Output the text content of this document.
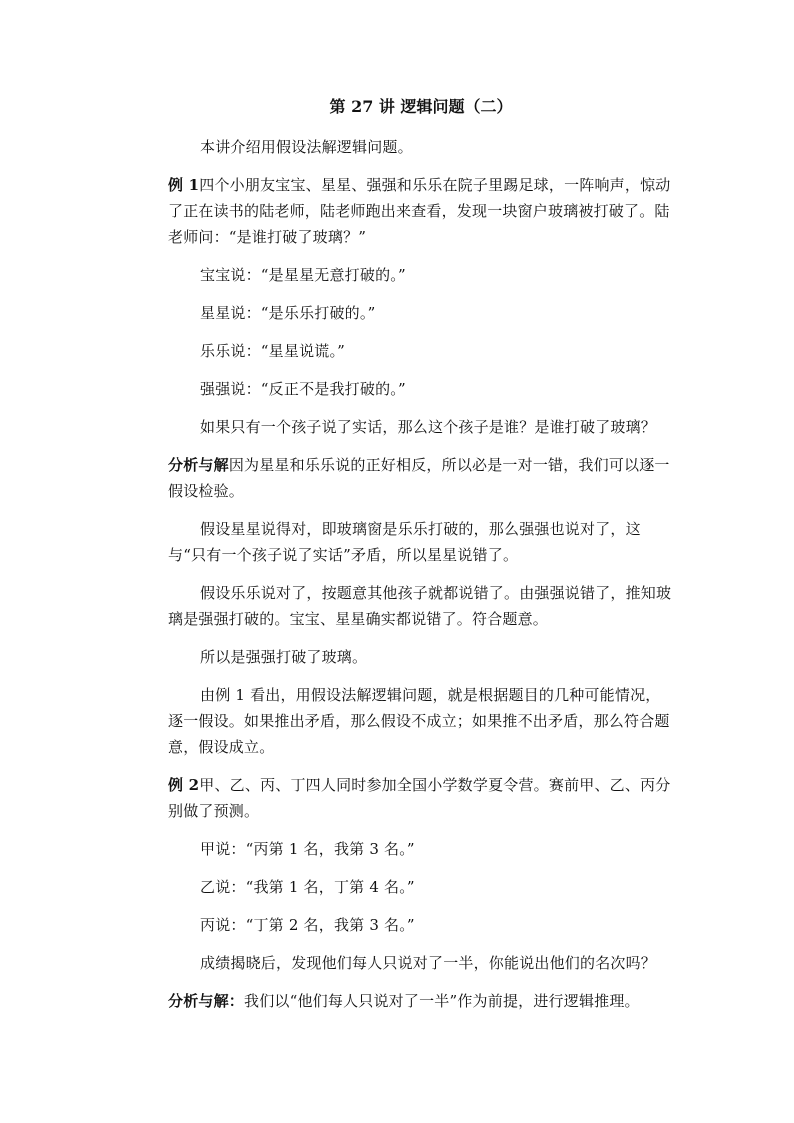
第 27 讲 逻辑问题（二）

本讲介绍用假设法解逻辑问题。

例 1四个小朋友宝宝、星星、强强和乐乐在院子里踢足球，一阵响声，惊动了正在读书的陆老师，陆老师跑出来查看，发现一块窗户玻璃被打破了。陆老师问：“是谁打破了玻璃？”

宝宝说：“是星星无意打破的。”

星星说：“是乐乐打破的。”

乐乐说：“星星说谎。”

强强说：“反正不是我打破的。”

如果只有一个孩子说了实话，那么这个孩子是谁？是谁打破了玻璃？

分析与解因为星星和乐乐说的正好相反，所以必是一对一错，我们可以逐一假设检验。

假设星星说得对，即玻璃窗是乐乐打破的，那么强强也说对了，这与“只有一个孩子说了实话”矛盾，所以星星说错了。

假设乐乐说对了，按题意其他孩子就都说错了。由强强说错了，推知玻璃是强强打破的。宝宝、星星确实都说错了。符合题意。

所以是强强打破了玻璃。

由例 1 看出，用假设法解逻辑问题，就是根据题目的几种可能情况，逐一假设。如果推出矛盾，那么假设不成立；如果推不出矛盾，那么符合题意，假设成立。

例 2甲、乙、丙、丁四人同时参加全国小学数学夏令营。赛前甲、乙、丙分别做了预测。

甲说：“丙第 1 名，我第 3 名。”

乙说：“我第 1 名，丁第 4 名。”

丙说：“丁第 2 名，我第 3 名。”

成绩揭晓后，发现他们每人只说对了一半，你能说出他们的名次吗？

分析与解：我们以“他们每人只说对了一半”作为前提，进行逻辑推理。
